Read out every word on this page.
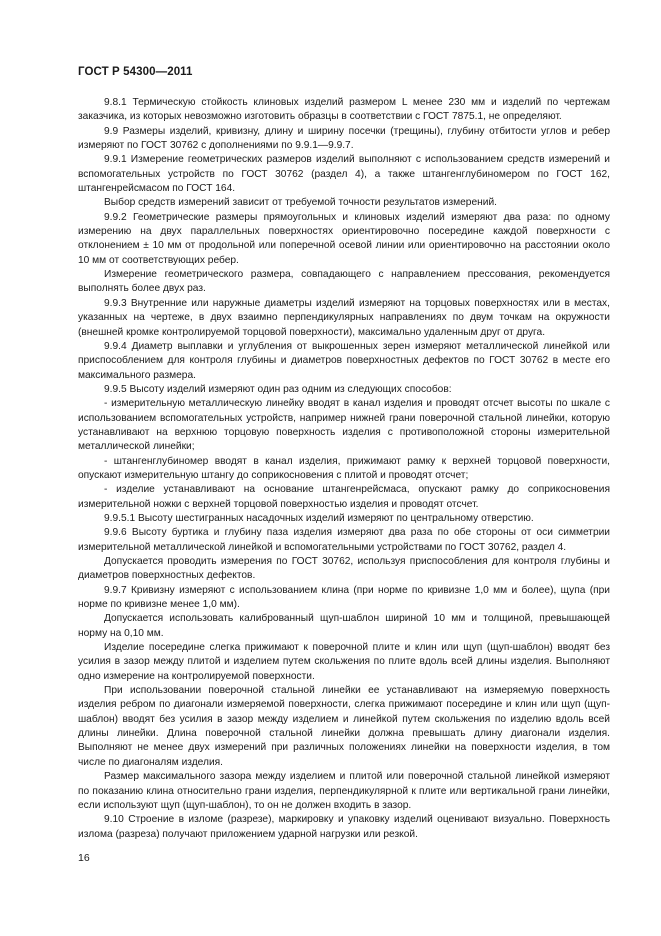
ГОСТ Р 54300—2011

9.8.1 Термическую стойкость клиновых изделий размером L менее 230 мм и изделий по чертежам заказчика, из которых невозможно изготовить образцы в соответствии с ГОСТ 7875.1, не определяют.

9.9 Размеры изделий, кривизну, длину и ширину посечки (трещины), глубину отбитости углов и ребер измеряют по ГОСТ 30762 с дополнениями по 9.9.1—9.9.7.

9.9.1 Измерение геометрических размеров изделий выполняют с использованием средств измерений и вспомогательных устройств по ГОСТ 30762 (раздел 4), а также штангенглубиномером по ГОСТ 162, штангенрейсмасом по ГОСТ 164.

Выбор средств измерений зависит от требуемой точности результатов измерений.

9.9.2 Геометрические размеры прямоугольных и клиновых изделий измеряют два раза: по одному измерению на двух параллельных поверхностях ориентировочно посередине каждой поверхности с отклонением ± 10 мм от продольной или поперечной осевой линии или ориентировочно на расстоянии около 10 мм от соответствующих ребер.

Измерение геометрического размера, совпадающего с направлением прессования, рекомендуется выполнять более двух раз.

9.9.3 Внутренние или наружные диаметры изделий измеряют на торцовых поверхностях или в местах, указанных на чертеже, в двух взаимно перпендикулярных направлениях по двум точкам на окружности (внешней кромке контролируемой торцовой поверхности), максимально удаленным друг от друга.

9.9.4 Диаметр выплавки и углубления от выкрошенных зерен измеряют металлической линейкой или приспособлением для контроля глубины и диаметров поверхностных дефектов по ГОСТ 30762 в месте его максимального размера.

9.9.5 Высоту изделий измеряют один раз одним из следующих способов:

- измерительную металлическую линейку вводят в канал изделия и проводят отсчет высоты по шкале с использованием вспомогательных устройств, например нижней грани поверочной стальной линейки, которую устанавливают на верхнюю торцовую поверхность изделия с противоположной стороны измерительной металлической линейки;

- штангенглубиномер вводят в канал изделия, прижимают рамку к верхней торцовой поверхности, опускают измерительную штангу до соприкосновения с плитой и проводят отсчет;

- изделие устанавливают на основание штангенрейсмаса, опускают рамку до соприкосновения измерительной ножки с верхней торцовой поверхностью изделия и проводят отсчет.

9.9.5.1 Высоту шестигранных насадочных изделий измеряют по центральному отверстию.

9.9.6 Высоту буртика и глубину паза изделия измеряют два раза по обе стороны от оси симметрии измерительной металлической линейкой и вспомогательными устройствами по ГОСТ 30762, раздел 4.

Допускается проводить измерения по ГОСТ 30762, используя приспособления для контроля глубины и диаметров поверхностных дефектов.

9.9.7 Кривизну измеряют с использованием клина (при норме по кривизне 1,0 мм и более), щупа (при норме по кривизне менее 1,0 мм).

Допускается использовать калиброванный щуп-шаблон шириной 10 мм и толщиной, превышающей норму на 0,10 мм.

Изделие посередине слегка прижимают к поверочной плите и клин или щуп (щуп-шаблон) вводят без усилия в зазор между плитой и изделием путем скольжения по плите вдоль всей длины изделия. Выполняют одно измерение на контролируемой поверхности.

При использовании поверочной стальной линейки ее устанавливают на измеряемую поверхность изделия ребром по диагонали измеряемой поверхности, слегка прижимают посередине и клин или щуп (щуп-шаблон) вводят без усилия в зазор между изделием и линейкой путем скольжения по изделию вдоль всей длины линейки. Длина поверочной стальной линейки должна превышать длину диагонали изделия. Выполняют не менее двух измерений при различных положениях линейки на поверхности изделия, в том числе по диагоналям изделия.

Размер максимального зазора между изделием и плитой или поверочной стальной линейкой измеряют по показанию клина относительно грани изделия, перпендикулярной к плите или вертикальной грани линейки, если используют щуп (щуп-шаблон), то он не должен входить в зазор.

9.10 Строение в изломе (разрезе), маркировку и упаковку изделий оценивают визуально. Поверхность излома (разреза) получают приложением ударной нагрузки или резкой.

16
